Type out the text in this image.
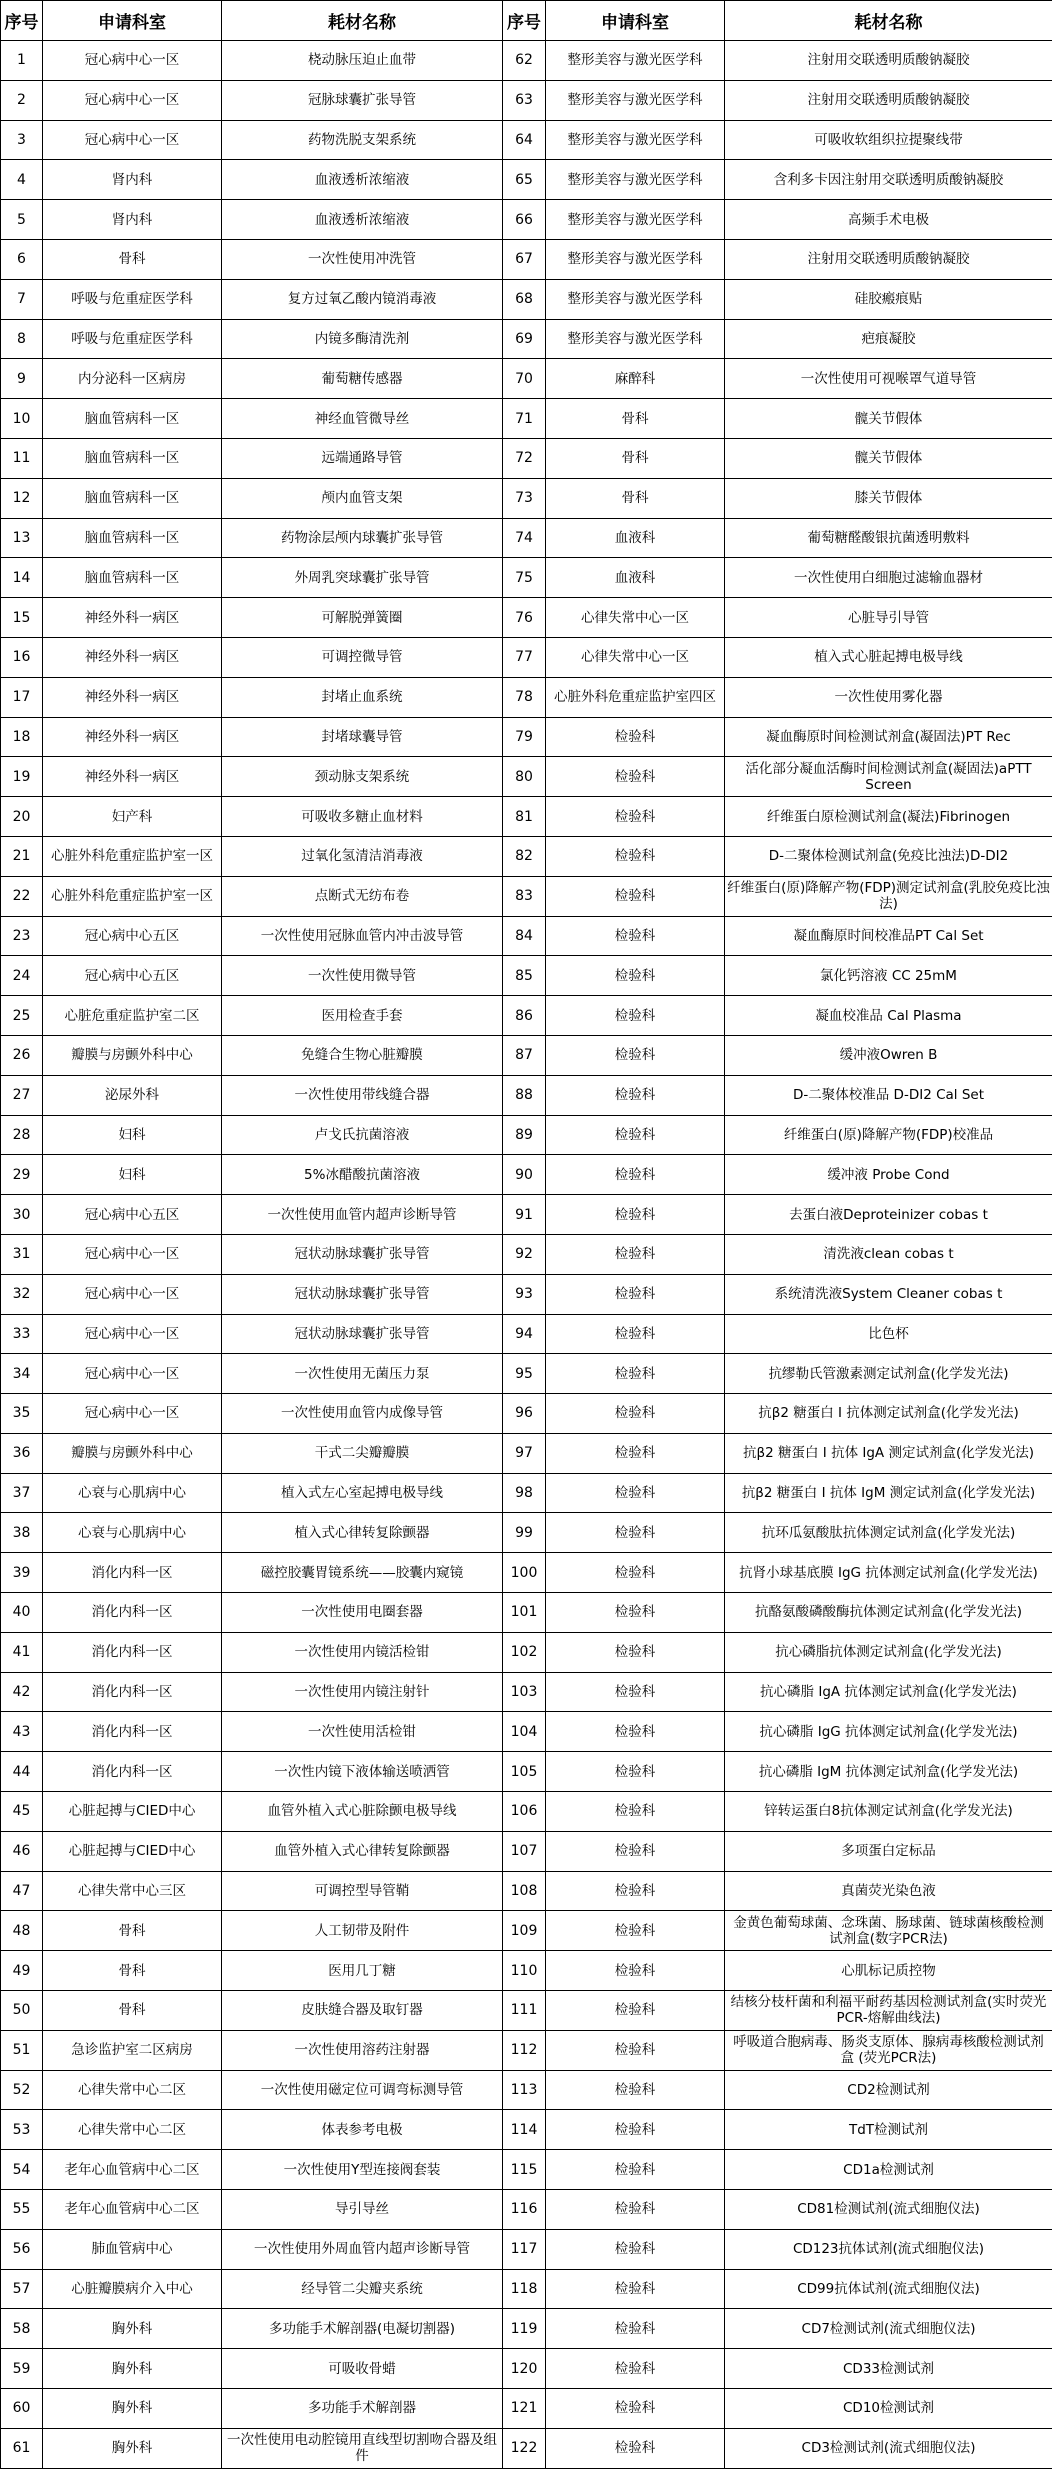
序号	申请科室	耗材名称	序号	申请科室	耗材名称
1	冠心病中心一区	桡动脉压迫止血带	62	整形美容与激光医学科	注射用交联透明质酸钠凝胶
2	冠心病中心一区	冠脉球囊扩张导管	63	整形美容与激光医学科	注射用交联透明质酸钠凝胶
3	冠心病中心一区	药物洗脱支架系统	64	整形美容与激光医学科	可吸收软组织拉提聚线带
4	肾内科	血液透析浓缩液	65	整形美容与激光医学科	含利多卡因注射用交联透明质酸钠凝胶
5	肾内科	血液透析浓缩液	66	整形美容与激光医学科	高频手术电极
6	骨科	一次性使用冲洗管	67	整形美容与激光医学科	注射用交联透明质酸钠凝胶
7	呼吸与危重症医学科	复方过氧乙酸内镜消毒液	68	整形美容与激光医学科	硅胶瘢痕贴
8	呼吸与危重症医学科	内镜多酶清洗剂	69	整形美容与激光医学科	疤痕凝胶
9	内分泌科一区病房	葡萄糖传感器	70	麻醉科	一次性使用可视喉罩气道导管
10	脑血管病科一区	神经血管微导丝	71	骨科	髋关节假体
11	脑血管病科一区	远端通路导管	72	骨科	髋关节假体
12	脑血管病科一区	颅内血管支架	73	骨科	膝关节假体
13	脑血管病科一区	药物涂层颅内球囊扩张导管	74	血液科	葡萄糖醛酸银抗菌透明敷料
14	脑血管病科一区	外周乳突球囊扩张导管	75	血液科	一次性使用白细胞过滤输血器材
15	神经外科一病区	可解脱弹簧圈	76	心律失常中心一区	心脏导引导管
16	神经外科一病区	可调控微导管	77	心律失常中心一区	植入式心脏起搏电极导线
17	神经外科一病区	封堵止血系统	78	心脏外科危重症监护室四区	一次性使用雾化器
18	神经外科一病区	封堵球囊导管	79	检验科	凝血酶原时间检测试剂盒(凝固法)PT Rec
19	神经外科一病区	颈动脉支架系统	80	检验科	活化部分凝血活酶时间检测试剂盒(凝固法)aPTT Screen
20	妇产科	可吸收多糖止血材料	81	检验科	纤维蛋白原检测试剂盒(凝法)Fibrinogen
21	心脏外科危重症监护室一区	过氧化氢清洁消毒液	82	检验科	D-二聚体检测试剂盒(免疫比浊法)D-DI2
22	心脏外科危重症监护室一区	点断式无纺布卷	83	检验科	纤维蛋白(原)降解产物(FDP)测定试剂盒(乳胶免疫比浊法)
23	冠心病中心五区	一次性使用冠脉血管内冲击波导管	84	检验科	凝血酶原时间校准品PT Cal Set
24	冠心病中心五区	一次性使用微导管	85	检验科	氯化钙溶液 CC 25mM
25	心脏危重症监护室二区	医用检查手套	86	检验科	凝血校准品 Cal Plasma
26	瓣膜与房颤外科中心	免缝合生物心脏瓣膜	87	检验科	缓冲液Owren B
27	泌尿外科	一次性使用带线缝合器	88	检验科	D-二聚体校准品 D-DI2 Cal Set
28	妇科	卢戈氏抗菌溶液	89	检验科	纤维蛋白(原)降解产物(FDP)校准品
29	妇科	5%冰醋酸抗菌溶液	90	检验科	缓冲液 Probe Cond
30	冠心病中心五区	一次性使用血管内超声诊断导管	91	检验科	去蛋白液Deproteinizer cobas t
31	冠心病中心一区	冠状动脉球囊扩张导管	92	检验科	清洗液clean cobas t
32	冠心病中心一区	冠状动脉球囊扩张导管	93	检验科	系统清洗液System Cleaner cobas t
33	冠心病中心一区	冠状动脉球囊扩张导管	94	检验科	比色杯
34	冠心病中心一区	一次性使用无菌压力泵	95	检验科	抗缪勒氏管激素测定试剂盒(化学发光法)
35	冠心病中心一区	一次性使用血管内成像导管	96	检验科	抗β2 糖蛋白 I 抗体测定试剂盒(化学发光法)
36	瓣膜与房颤外科中心	干式二尖瓣瓣膜	97	检验科	抗β2 糖蛋白 I 抗体 IgA 测定试剂盒(化学发光法)
37	心衰与心肌病中心	植入式左心室起搏电极导线	98	检验科	抗β2 糖蛋白 I 抗体 IgM 测定试剂盒(化学发光法)
38	心衰与心肌病中心	植入式心律转复除颤器	99	检验科	抗环瓜氨酸肽抗体测定试剂盒(化学发光法)
39	消化内科一区	磁控胶囊胃镜系统——胶囊内窥镜	100	检验科	抗肾小球基底膜 IgG 抗体测定试剂盒(化学发光法)
40	消化内科一区	一次性使用电圈套器	101	检验科	抗酪氨酸磷酸酶抗体测定试剂盒(化学发光法)
41	消化内科一区	一次性使用内镜活检钳	102	检验科	抗心磷脂抗体测定试剂盒(化学发光法)
42	消化内科一区	一次性使用内镜注射针	103	检验科	抗心磷脂 IgA 抗体测定试剂盒(化学发光法)
43	消化内科一区	一次性使用活检钳	104	检验科	抗心磷脂 IgG 抗体测定试剂盒(化学发光法)
44	消化内科一区	一次性内镜下液体输送喷洒管	105	检验科	抗心磷脂 IgM 抗体测定试剂盒(化学发光法)
45	心脏起搏与CIED中心	血管外植入式心脏除颤电极导线	106	检验科	锌转运蛋白8抗体测定试剂盒(化学发光法)
46	心脏起搏与CIED中心	血管外植入式心律转复除颤器	107	检验科	多项蛋白定标品
47	心律失常中心三区	可调控型导管鞘	108	检验科	真菌荧光染色液
48	骨科	人工韧带及附件	109	检验科	金黄色葡萄球菌、念珠菌、肠球菌、链球菌核酸检测试剂盒(数字PCR法)
49	骨科	医用几丁糖	110	检验科	心肌标记质控物
50	骨科	皮肤缝合器及取钉器	111	检验科	结核分枝杆菌和利福平耐药基因检测试剂盒(实时荧光PCR-熔解曲线法)
51	急诊监护室二区病房	一次性使用溶药注射器	112	检验科	呼吸道合胞病毒、肠炎支原体、腺病毒核酸检测试剂盒 (荧光PCR法)
52	心律失常中心二区	一次性使用磁定位可调弯标测导管	113	检验科	CD2检测试剂
53	心律失常中心二区	体表参考电极	114	检验科	TdT检测试剂
54	老年心血管病中心二区	一次性使用Y型连接阀套装	115	检验科	CD1a检测试剂
55	老年心血管病中心二区	导引导丝	116	检验科	CD81检测试剂(流式细胞仪法)
56	肺血管病中心	一次性使用外周血管内超声诊断导管	117	检验科	CD123抗体试剂(流式细胞仪法)
57	心脏瓣膜病介入中心	经导管二尖瓣夹系统	118	检验科	CD99抗体试剂(流式细胞仪法)
58	胸外科	多功能手术解剖器(电凝切割器)	119	检验科	CD7检测试剂(流式细胞仪法)
59	胸外科	可吸收骨蜡	120	检验科	CD33检测试剂
60	胸外科	多功能手术解剖器	121	检验科	CD10检测试剂
61	胸外科	一次性使用电动腔镜用直线型切割吻合器及组件	122	检验科	CD3检测试剂(流式细胞仪法)
